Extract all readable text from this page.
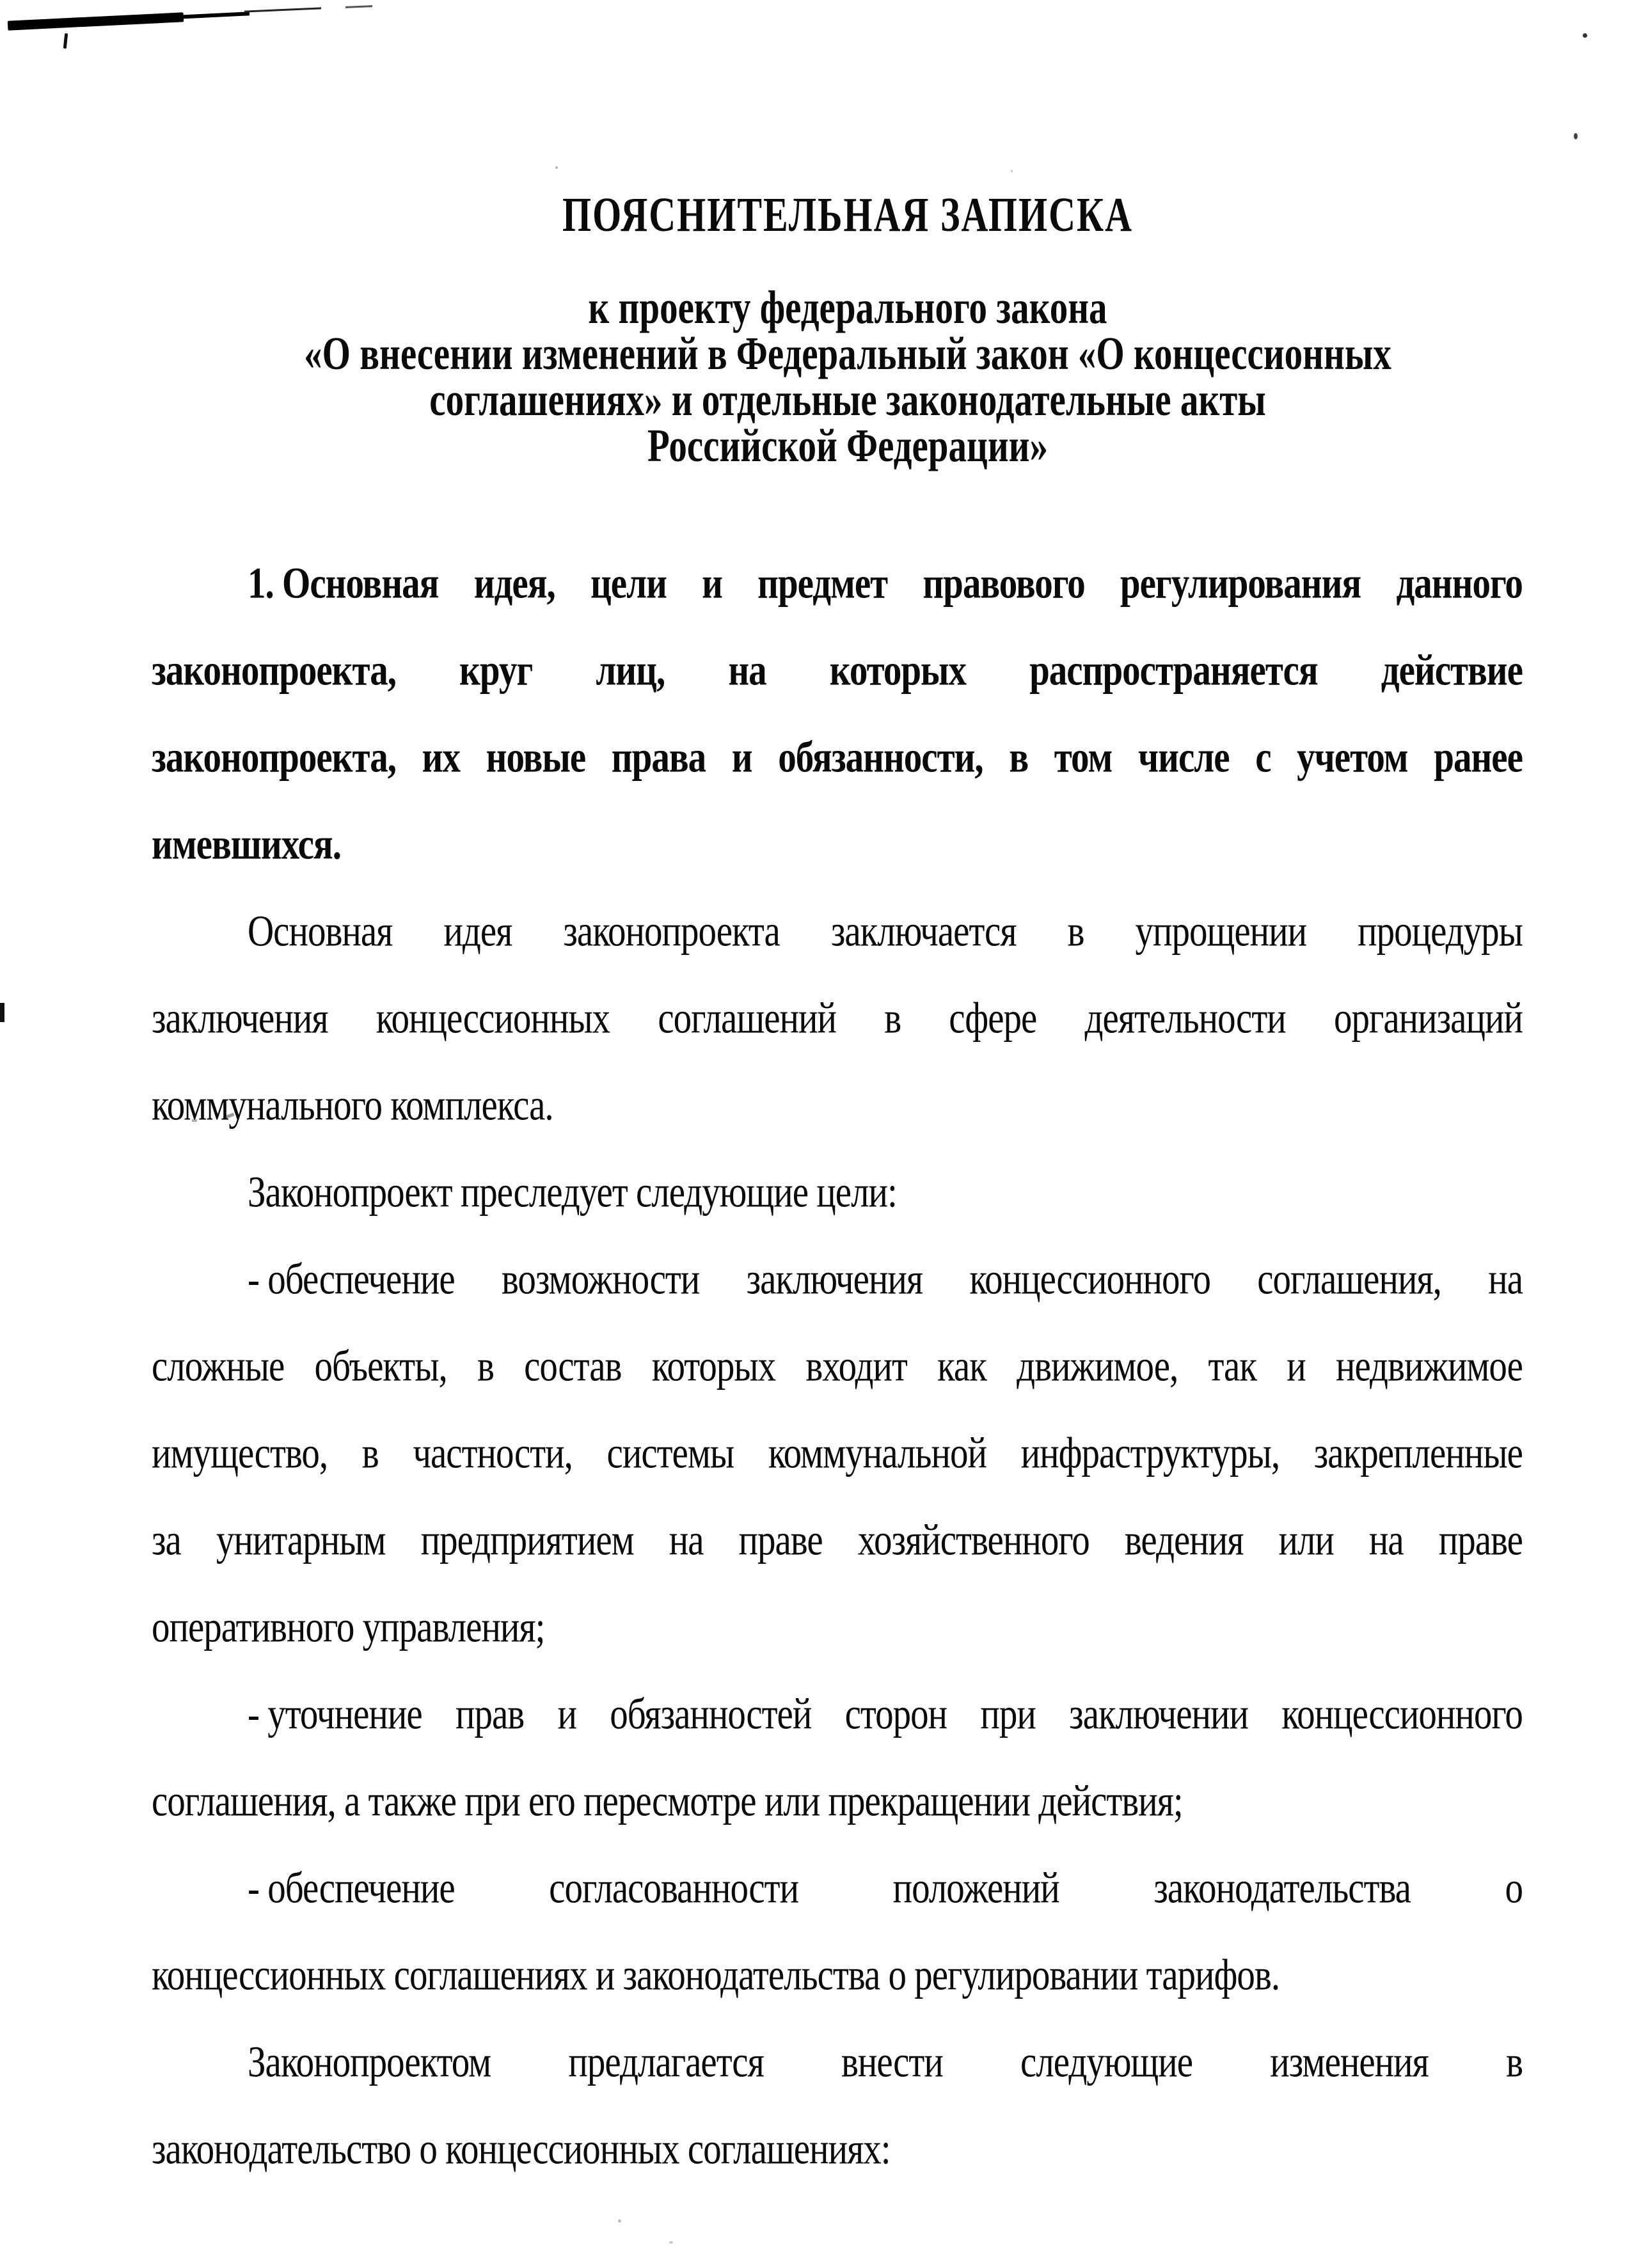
ПОЯСНИТЕЛЬНАЯ ЗАПИСКА
к проекту федерального закона
«О внесении изменений в Федеральный закон «О концессионных
соглашениях» и отдельные законодательные акты
Российской Федерации»
1. Основная идея, цели и предмет правового регулирования данного
законопроекта, круг лиц, на которых распространяется действие
законопроекта, их новые права и обязанности, в том числе с учетом ранее
имевшихся.
Основная идея законопроекта заключается в упрощении процедуры
заключения концессионных соглашений в сфере деятельности организаций
коммунального комплекса.
Законопроект преследует следующие цели:
- обеспечение возможности заключения концессионного соглашения, на
сложные объекты, в состав которых входит как движимое, так и недвижимое
имущество, в частности, системы коммунальной инфраструктуры, закрепленные
за унитарным предприятием на праве хозяйственного ведения или на праве
оперативного управления;
- уточнение прав и обязанностей сторон при заключении концессионного
соглашения, а также при его пересмотре или прекращении действия;
- обеспечение	согласованности	положений	законодательства	о
концессионных соглашениях и законодательства о регулировании тарифов.
Законопроектом предлагается внести следующие изменения в
законодательство о концессионных соглашениях:
